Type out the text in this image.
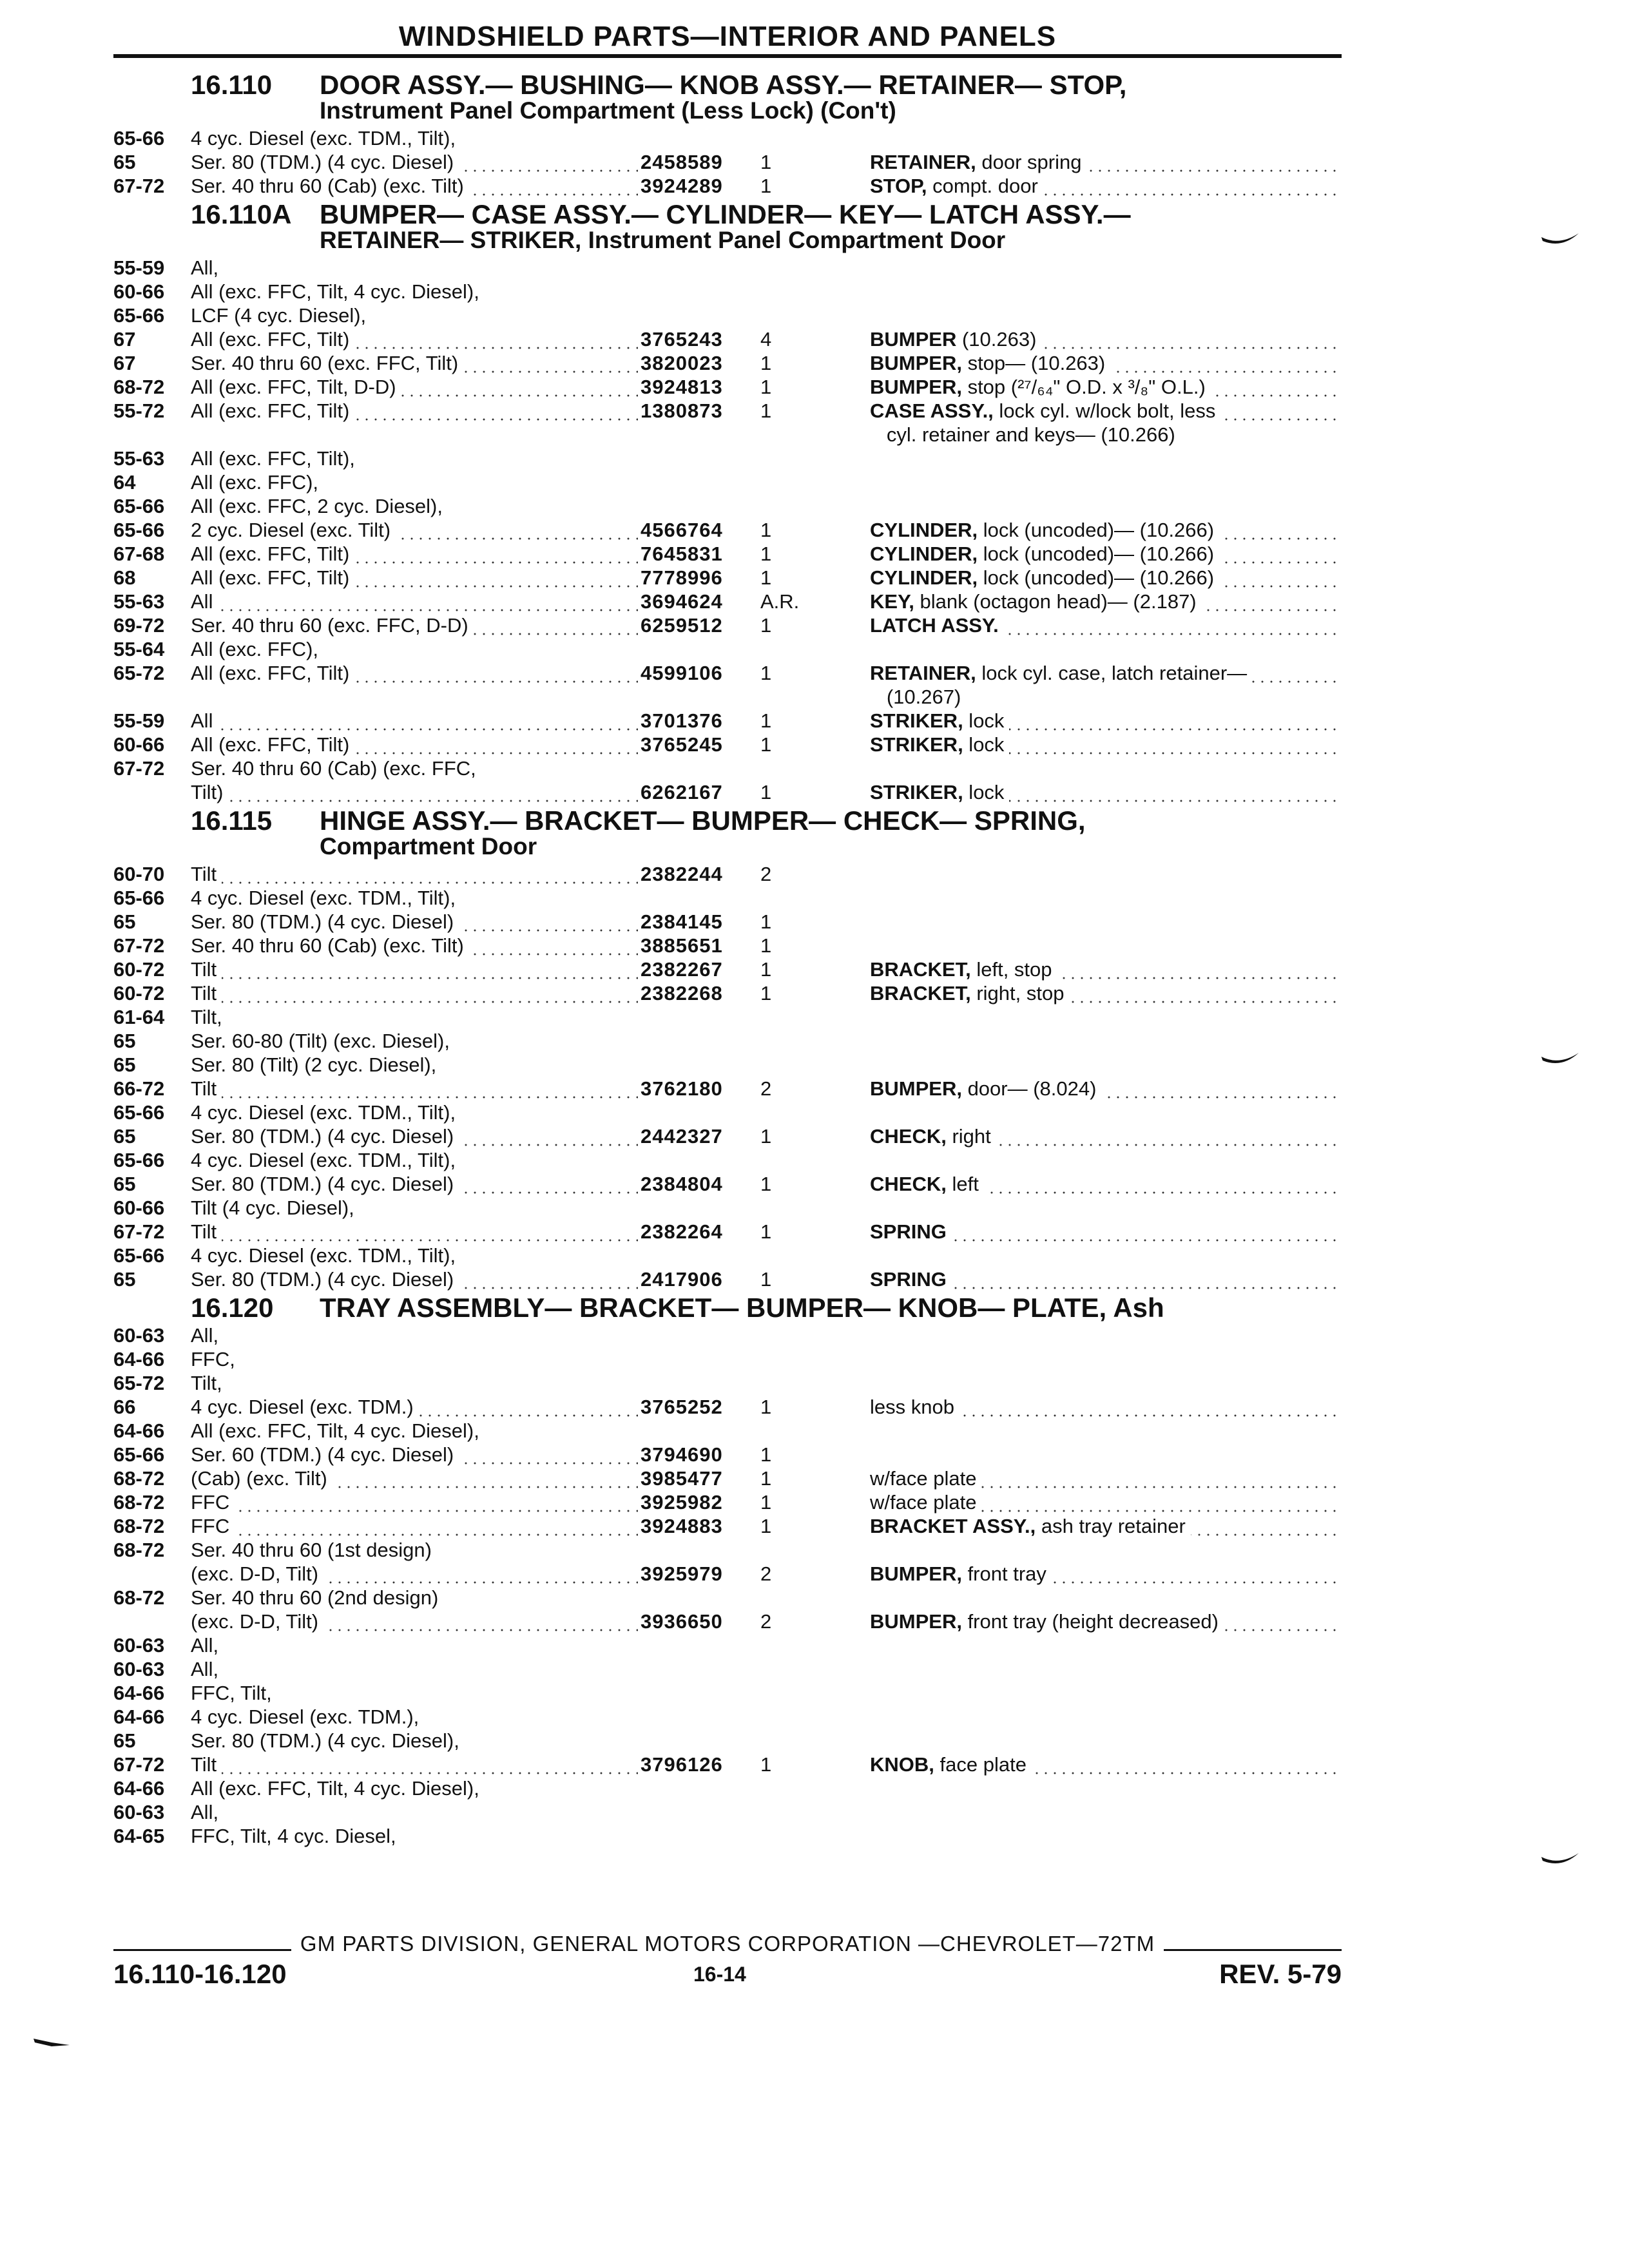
WINDSHIELD PARTS—INTERIOR AND PANELS
16.110 DOOR ASSY.— BUSHING— KNOB ASSY.— RETAINER— STOP,
Instrument Panel Compartment (Less Lock) (Con't)
65-66 4 cyc. Diesel (exc. TDM., Tilt),
65	Ser. 80 (TDM.) (4 cyc. Diesel)	2458589 1	RETAINER, door spring
67-72 Ser. 40 thru 60 (Cab) (exc. Tilt)	3924289 1	STOP, compt. door
16.110A BUMPER— CASE ASSY.— CYLINDER— KEY— LATCH ASSY.—
RETAINER— STRIKER, Instrument Panel Compartment Door
55-59 All,
60-66 All (exc. FFC, Tilt, 4 cyc. Diesel),
65-66 LCF (4 cyc. Diesel),
67	All (exc. FFC, Tilt)	3765243 4	BUMPER (10.263)
67	Ser. 40 thru 60 (exc. FFC, Tilt)	3820023 1	BUMPER, stop— (10.263)
68-72 All (exc. FFC, Tilt, D-D)	3924813 1	BUMPER, stop (²⁷/₆₄" O.D. x ³/₈" O.L.)
55-72 All (exc. FFC, Tilt)	1380873 1	CASE ASSY., lock cyl. w/lock bolt, less
cyl. retainer and keys— (10.266)
55-63 All (exc. FFC, Tilt),
64	All (exc. FFC),
65-66 All (exc. FFC, 2 cyc. Diesel),
65-66 2 cyc. Diesel (exc. Tilt)	4566764 1	CYLINDER, lock (uncoded)— (10.266)
67-68 All (exc. FFC, Tilt)	7645831 1	CYLINDER, lock (uncoded)— (10.266)
68	All (exc. FFC, Tilt)	7778996 1	CYLINDER, lock (uncoded)— (10.266)
55-63 All	3694624 A.R.	KEY, blank (octagon head)— (2.187)
69-72 Ser. 40 thru 60 (exc. FFC, D-D)	6259512 1	LATCH ASSY.
55-64 All (exc. FFC),
65-72 All (exc. FFC, Tilt)	4599106 1	RETAINER, lock cyl. case, latch retainer—
(10.267)
55-59 All	3701376 1	STRIKER, lock
60-66 All (exc. FFC, Tilt)	3765245 1	STRIKER, lock
67-72 Ser. 40 thru 60 (Cab) (exc. FFC,
Tilt)	6262167 1	STRIKER, lock
16.115 HINGE ASSY.— BRACKET— BUMPER— CHECK— SPRING,
Compartment Door
60-70 Tilt	2382244 2
65-66 4 cyc. Diesel (exc. TDM., Tilt),
65	Ser. 80 (TDM.) (4 cyc. Diesel)	2384145 1
67-72 Ser. 40 thru 60 (Cab) (exc. Tilt)	3885651 1
60-72 Tilt	2382267 1	BRACKET, left, stop
60-72 Tilt	2382268 1	BRACKET, right, stop
61-64 Tilt,
65	Ser. 60-80 (Tilt) (exc. Diesel),
65	Ser. 80 (Tilt) (2 cyc. Diesel),
66-72 Tilt	3762180 2	BUMPER, door— (8.024)
65-66 4 cyc. Diesel (exc. TDM., Tilt),
65	Ser. 80 (TDM.) (4 cyc. Diesel)	2442327 1	CHECK, right
65-66 4 cyc. Diesel (exc. TDM., Tilt),
65	Ser. 80 (TDM.) (4 cyc. Diesel)	2384804 1	CHECK, left
60-66 Tilt (4 cyc. Diesel),
67-72 Tilt	2382264 1	SPRING
65-66 4 cyc. Diesel (exc. TDM., Tilt),
65	Ser. 80 (TDM.) (4 cyc. Diesel)	2417906 1	SPRING
16.120 TRAY ASSEMBLY— BRACKET— BUMPER— KNOB— PLATE, Ash
60-63 All,
64-66 FFC,
65-72 Tilt,
66	4 cyc. Diesel (exc. TDM.)	3765252 1	less knob
64-66 All (exc. FFC, Tilt, 4 cyc. Diesel),
65-66 Ser. 60 (TDM.) (4 cyc. Diesel)	3794690 1
68-72 (Cab) (exc. Tilt)	3985477 1	w/face plate
68-72 FFC	3925982 1	w/face plate
68-72 FFC	3924883 1	BRACKET ASSY., ash tray retainer
68-72 Ser. 40 thru 60 (1st design)
(exc. D-D, Tilt)	3925979 2	BUMPER, front tray
68-72 Ser. 40 thru 60 (2nd design)
(exc. D-D, Tilt)	3936650 2	BUMPER, front tray (height decreased)
60-63 All,
60-63 All,
64-66 FFC, Tilt,
64-66 4 cyc. Diesel (exc. TDM.),
65	Ser. 80 (TDM.) (4 cyc. Diesel),
67-72 Tilt	3796126 1	KNOB, face plate
64-66 All (exc. FFC, Tilt, 4 cyc. Diesel),
60-63 All,
64-65 FFC, Tilt, 4 cyc. Diesel,
GM PARTS DIVISION, GENERAL MOTORS CORPORATION —CHEVROLET—72TM
16.110-16.120	16-14	REV. 5-79
